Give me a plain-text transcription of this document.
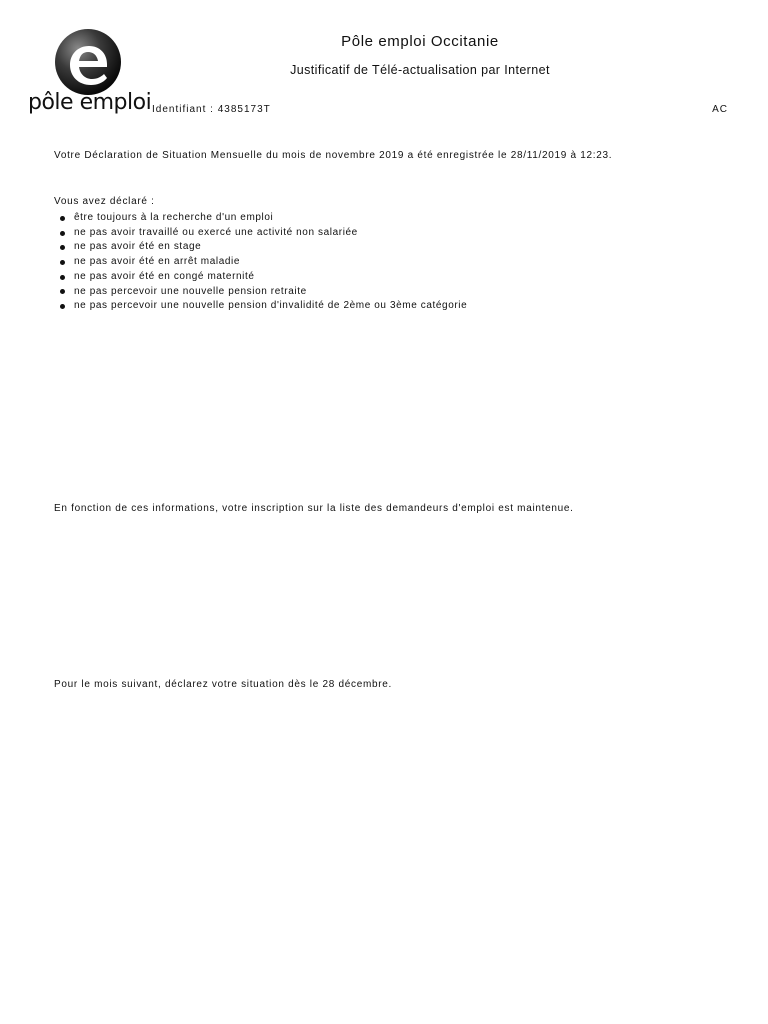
pôle emploi
Pôle emploi Occitanie
Justificatif de Télé-actualisation par Internet
Identifiant : 4385173T	AC
Votre Déclaration de Situation Mensuelle du mois de novembre 2019 a été enregistrée le 28/11/2019 à 12:23.
Vous avez déclaré :
être toujours à la recherche d'un emploi
ne pas avoir travaillé ou exercé une activité non salariée
ne pas avoir été en stage
ne pas avoir été en arrêt maladie
ne pas avoir été en congé maternité
ne pas percevoir une nouvelle pension retraite
ne pas percevoir une nouvelle pension d'invalidité de 2ème ou 3ème catégorie
En fonction de ces informations, votre inscription sur la liste des demandeurs d'emploi est maintenue.
Pour le mois suivant, déclarez votre situation dès le 28 décembre.
